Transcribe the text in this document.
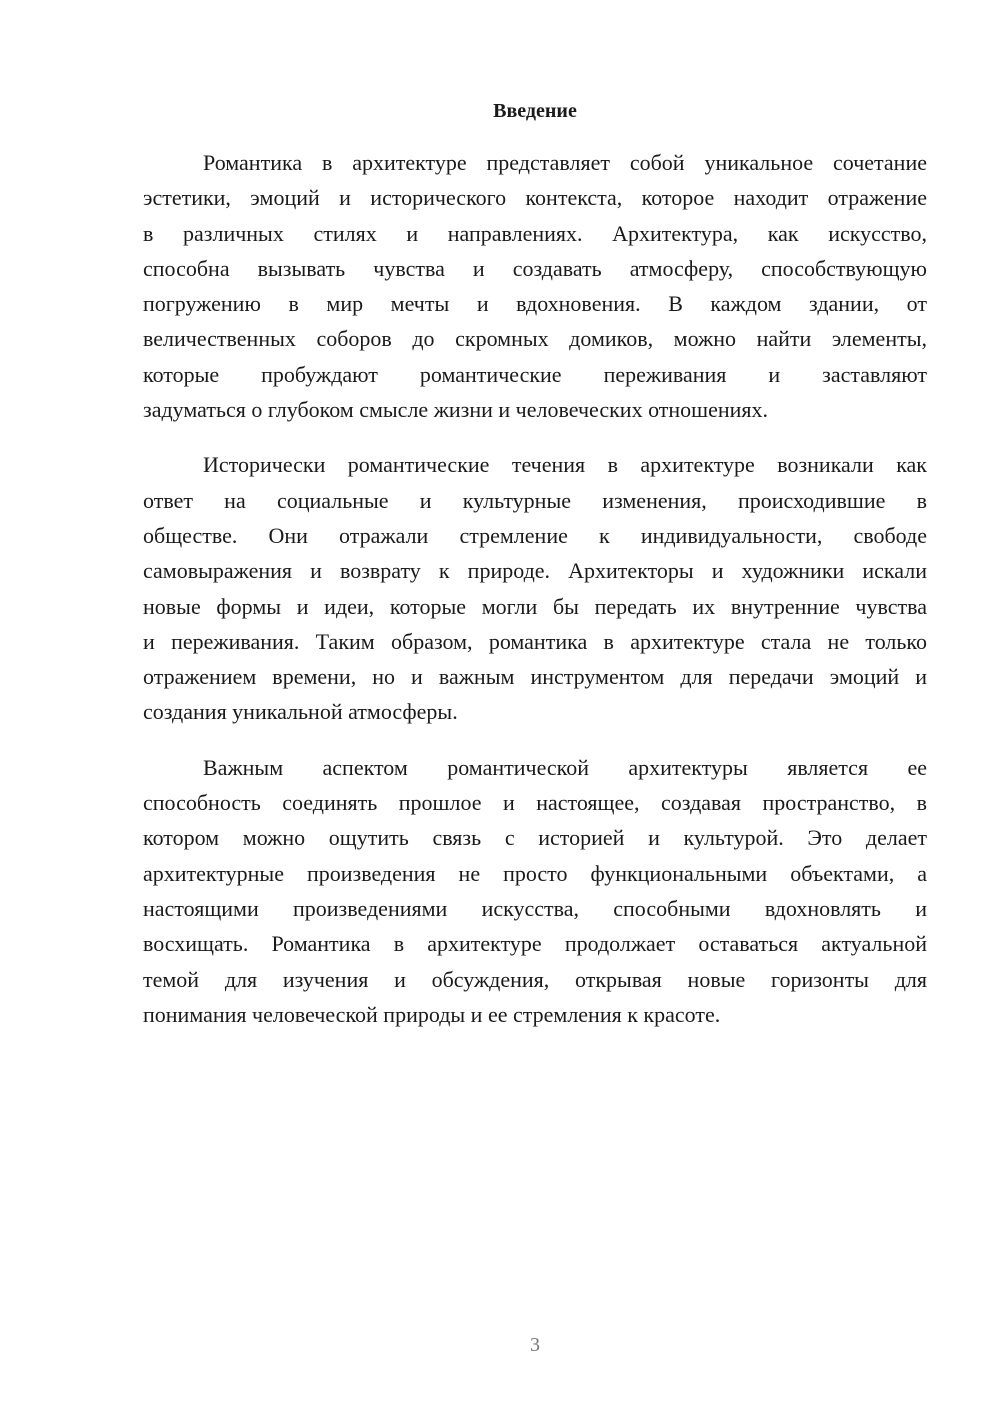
Введение
Романтика в архитектуре представляет собой уникальное сочетание
эстетики, эмоций и исторического контекста, которое находит отражение
в различных стилях и направлениях. Архитектура, как искусство,
способна вызывать чувства и создавать атмосферу, способствующую
погружению в мир мечты и вдохновения. В каждом здании, от
величественных соборов до скромных домиков, можно найти элементы,
которые пробуждают романтические переживания и заставляют
задуматься о глубоком смысле жизни и человеческих отношениях.
Исторически романтические течения в архитектуре возникали как
ответ на социальные и культурные изменения, происходившие в
обществе. Они отражали стремление к индивидуальности, свободе
самовыражения и возврату к природе. Архитекторы и художники искали
новые формы и идеи, которые могли бы передать их внутренние чувства
и переживания. Таким образом, романтика в архитектуре стала не только
отражением времени, но и важным инструментом для передачи эмоций и
создания уникальной атмосферы.
Важным аспектом романтической архитектуры является ее
способность соединять прошлое и настоящее, создавая пространство, в
котором можно ощутить связь с историей и культурой. Это делает
архитектурные произведения не просто функциональными объектами, а
настоящими произведениями искусства, способными вдохновлять и
восхищать. Романтика в архитектуре продолжает оставаться актуальной
темой для изучения и обсуждения, открывая новые горизонты для
понимания человеческой природы и ее стремления к красоте.
3
